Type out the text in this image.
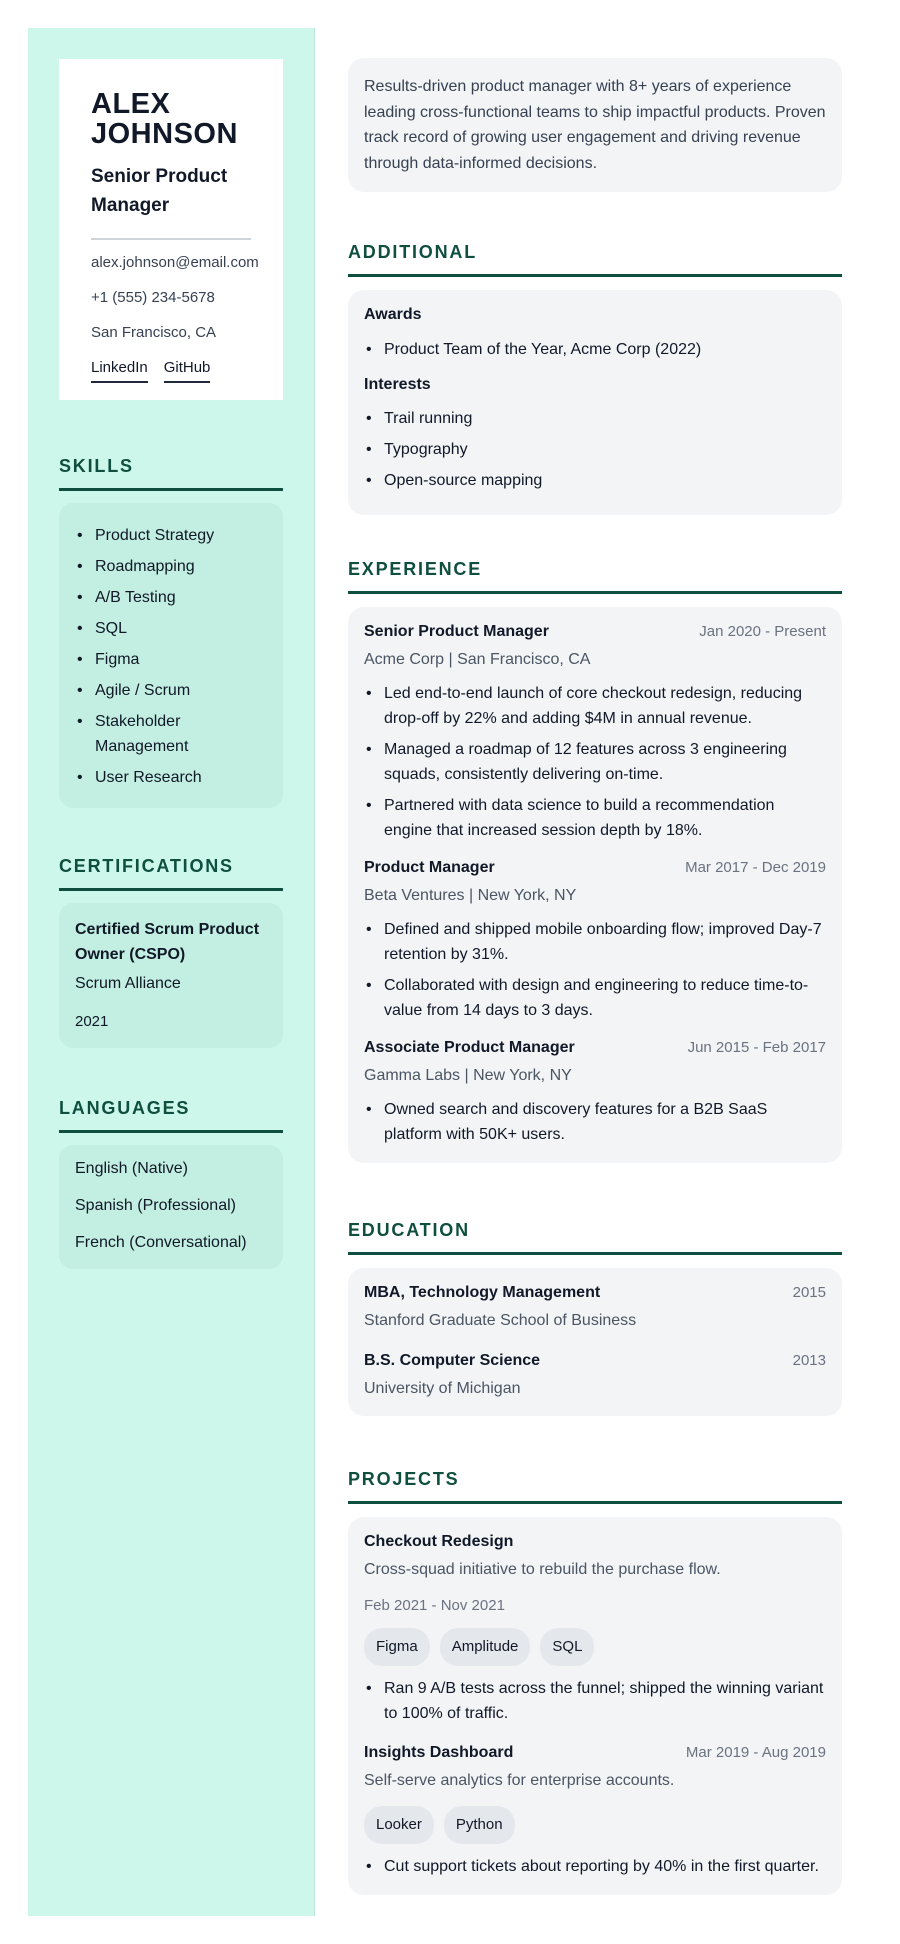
ALEX
JOHNSON
Senior Product Manager
alex.johnson@email.com
+1 (555) 234-5678
San Francisco, CA
LinkedIn GitHub
SKILLS
• Product Strategy
• Roadmapping
• A/B Testing
• SQL
• Figma
• Agile / Scrum
• Stakeholder Management
• User Research
CERTIFICATIONS
Certified Scrum Product Owner (CSPO)
Scrum Alliance
2021
LANGUAGES
English (Native)
Spanish (Professional)
French (Conversational)

Results-driven product manager with 8+ years of experience leading cross-functional teams to ship impactful products. Proven track record of growing user engagement and driving revenue through data-informed decisions.

ADDITIONAL
Awards
• Product Team of the Year, Acme Corp (2022)
Interests
• Trail running
• Typography
• Open-source mapping
EXPERIENCE
Senior Product Manager	Jan 2020 - Present
Acme Corp | San Francisco, CA
• Led end-to-end launch of core checkout redesign, reducing drop-off by 22% and adding $4M in annual revenue.
• Managed a roadmap of 12 features across 3 engineering squads, consistently delivering on-time.
• Partnered with data science to build a recommendation engine that increased session depth by 18%.
Product Manager	Mar 2017 - Dec 2019
Beta Ventures | New York, NY
• Defined and shipped mobile onboarding flow; improved Day-7 retention by 31%.
• Collaborated with design and engineering to reduce time-to-value from 14 days to 3 days.
Associate Product Manager	Jun 2015 - Feb 2017
Gamma Labs | New York, NY
• Owned search and discovery features for a B2B SaaS platform with 50K+ users.
EDUCATION
MBA, Technology Management	2015
Stanford Graduate School of Business
B.S. Computer Science	2013
University of Michigan
PROJECTS
Checkout Redesign
Cross-squad initiative to rebuild the purchase flow.
Feb 2021 - Nov 2021
Figma	Amplitude	SQL
• Ran 9 A/B tests across the funnel; shipped the winning variant to 100% of traffic.
Insights Dashboard	Mar 2019 - Aug 2019
Self-serve analytics for enterprise accounts.
Looker	Python
• Cut support tickets about reporting by 40% in the first quarter.
